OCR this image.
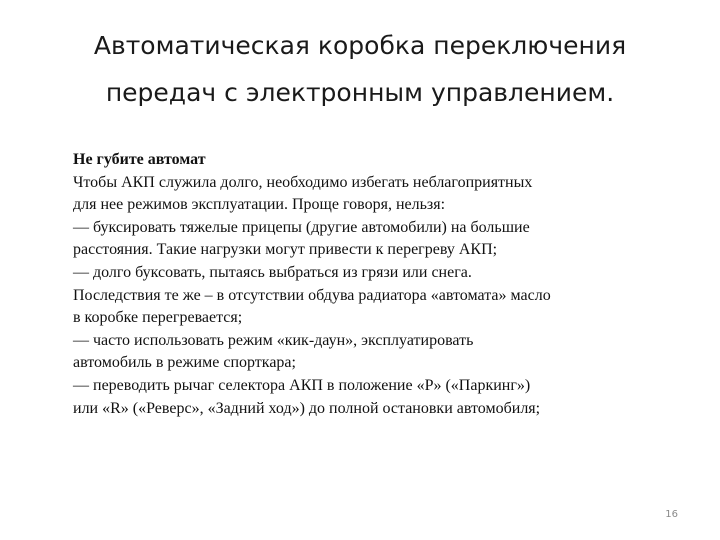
Автоматическая коробка переключения
передач с электронным управлением.
Не губите автомат
Чтобы АКП служила долго, необходимо избегать неблагоприятных
для нее режимов эксплуатации. Проще говоря, нельзя:
— буксировать тяжелые прицепы (другие автомобили) на большие
расстояния. Такие нагрузки могут привести к перегреву АКП;
— долго буксовать, пытаясь выбраться из грязи или снега.
Последствия те же – в отсутствии обдува радиатора «автомата» масло
в коробке перегревается;
— часто использовать режим «кик-даун», эксплуатировать
автомобиль в режиме спорткара;
— переводить рычаг селектора АКП в положение «P» («Паркинг»)
или «R» («Реверс», «Задний ход») до полной остановки автомобиля;
16
